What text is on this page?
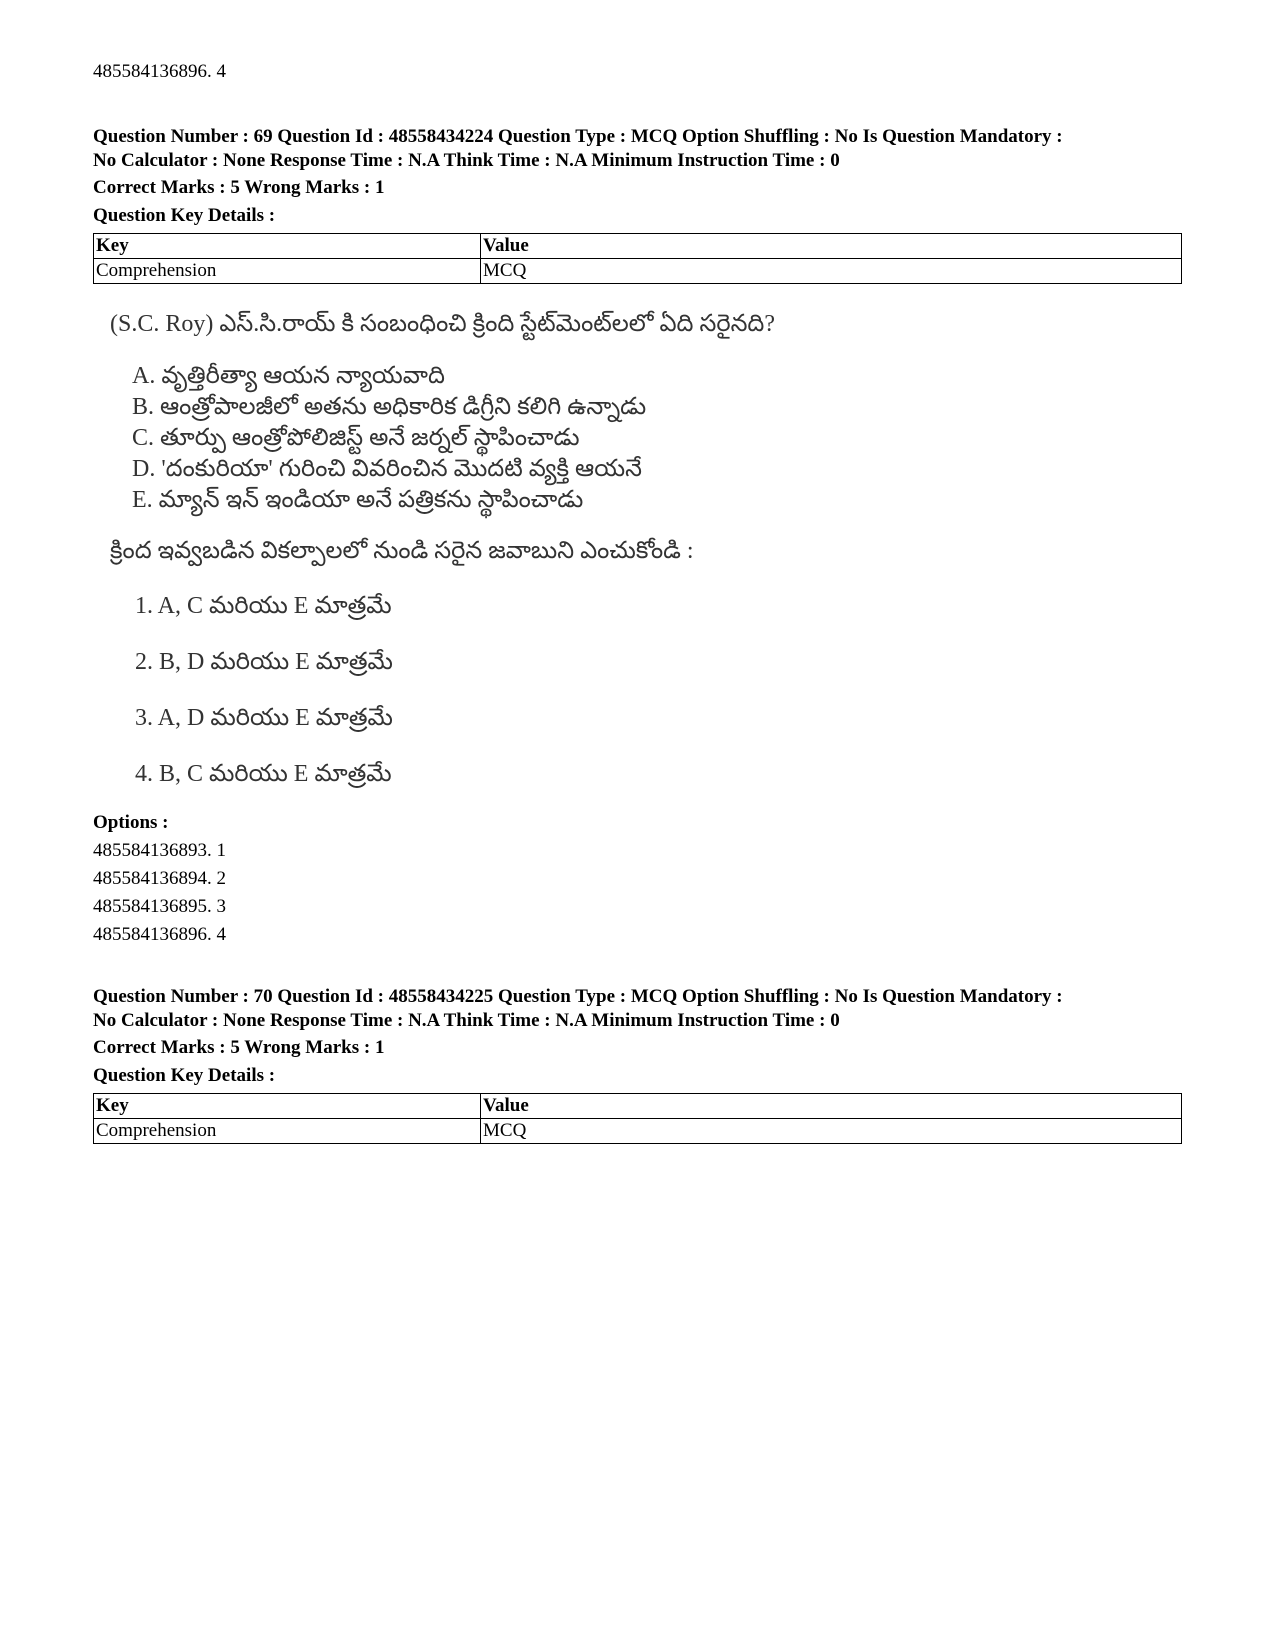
485584136896. 4
Question Number : 69 Question Id : 48558434224 Question Type : MCQ Option Shuffling : No Is Question Mandatory :
No Calculator : None Response Time : N.A Think Time : N.A Minimum Instruction Time : 0
Correct Marks : 5 Wrong Marks : 1
Question Key Details :
Key	Value
Comprehension	MCQ
(S.C. Roy) ఎస్.సి.రాయ్ కి సంబంధించి క్రింది స్టేట్‌మెంట్‌లలో ఏది సరైనది?
A. వృత్తిరీత్యా ఆయన న్యాయవాది
B. ఆంత్రోపాలజీలో అతను అధికారిక డిగ్రీని కలిగి ఉన్నాడు
C. తూర్పు ఆంత్రోపోలిజిస్ట్ అనే జర్నల్ స్థాపించాడు
D. 'దంకురియా' గురించి వివరించిన మొదటి వ్యక్తి ఆయనే
E. మ్యాన్ ఇన్ ఇండియా అనే పత్రికను స్థాపించాడు
క్రింద ఇవ్వబడిన వికల్పాలలో నుండి సరైన జవాబుని ఎంచుకోండి :
1. A, C మరియు E మాత్రమే
2. B, D మరియు E మాత్రమే
3. A, D మరియు E మాత్రమే
4. B, C మరియు E మాత్రమే
Options :
485584136893. 1
485584136894. 2
485584136895. 3
485584136896. 4
Question Number : 70 Question Id : 48558434225 Question Type : MCQ Option Shuffling : No Is Question Mandatory :
No Calculator : None Response Time : N.A Think Time : N.A Minimum Instruction Time : 0
Correct Marks : 5 Wrong Marks : 1
Question Key Details :
Key	Value
Comprehension	MCQ
